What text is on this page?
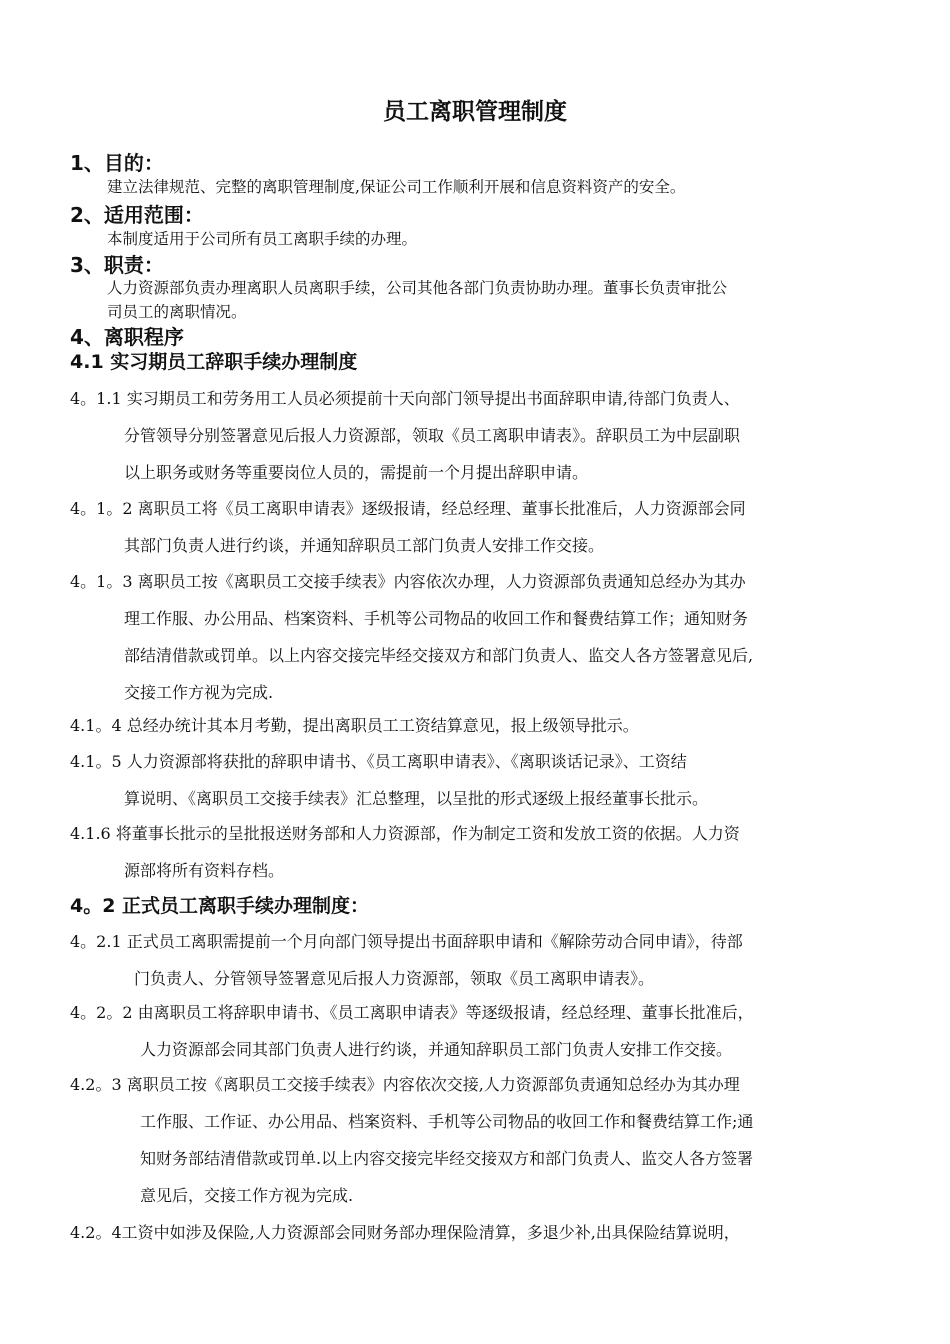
员工离职管理制度
1、目的：
建立法律规范、完整的离职管理制度,保证公司工作顺利开展和信息资料资产的安全。
2、适用范围：
本制度适用于公司所有员工离职手续的办理。
3、职责：
人力资源部负责办理离职人员离职手续，公司其他各部门负责协助办理。董事长负责审批公
司员工的离职情况。
4、离职程序
4.1 实习期员工辞职手续办理制度
4。1.1 实习期员工和劳务用工人员必须提前十天向部门领导提出书面辞职申请,待部门负责人、
分管领导分别签署意见后报人力资源部，领取《员工离职申请表》。辞职员工为中层副职
以上职务或财务等重要岗位人员的，需提前一个月提出辞职申请。
4。1。2 离职员工将《员工离职申请表》逐级报请，经总经理、董事长批准后，人力资源部会同
其部门负责人进行约谈，并通知辞职员工部门负责人安排工作交接。
4。1。3 离职员工按《离职员工交接手续表》内容依次办理，人力资源部负责通知总经办为其办
理工作服、办公用品、档案资料、手机等公司物品的收回工作和餐费结算工作；通知财务
部结清借款或罚单。以上内容交接完毕经交接双方和部门负责人、监交人各方签署意见后,
交接工作方视为完成.
4.1。4 总经办统计其本月考勤，提出离职员工工资结算意见，报上级领导批示。
4.1。5 人力资源部将获批的辞职申请书、《员工离职申请表》、《离职谈话记录》、工资结
算说明、《离职员工交接手续表》汇总整理，以呈批的形式逐级上报经董事长批示。
4.1.6 将董事长批示的呈批报送财务部和人力资源部，作为制定工资和发放工资的依据。人力资
源部将所有资料存档。
4。2 正式员工离职手续办理制度：
4。2.1 正式员工离职需提前一个月向部门领导提出书面辞职申请和《解除劳动合同申请》，待部
门负责人、分管领导签署意见后报人力资源部，领取《员工离职申请表》。
4。2。2 由离职员工将辞职申请书、《员工离职申请表》等逐级报请，经总经理、董事长批准后，
人力资源部会同其部门负责人进行约谈，并通知辞职员工部门负责人安排工作交接。
4.2。3 离职员工按《离职员工交接手续表》内容依次交接,人力资源部负责通知总经办为其办理
工作服、工作证、办公用品、档案资料、手机等公司物品的收回工作和餐费结算工作;通
知财务部结清借款或罚单.以上内容交接完毕经交接双方和部门负责人、监交人各方签署
意见后，交接工作方视为完成.
4.2。4工资中如涉及保险,人力资源部会同财务部办理保险清算，多退少补,出具保险结算说明，
